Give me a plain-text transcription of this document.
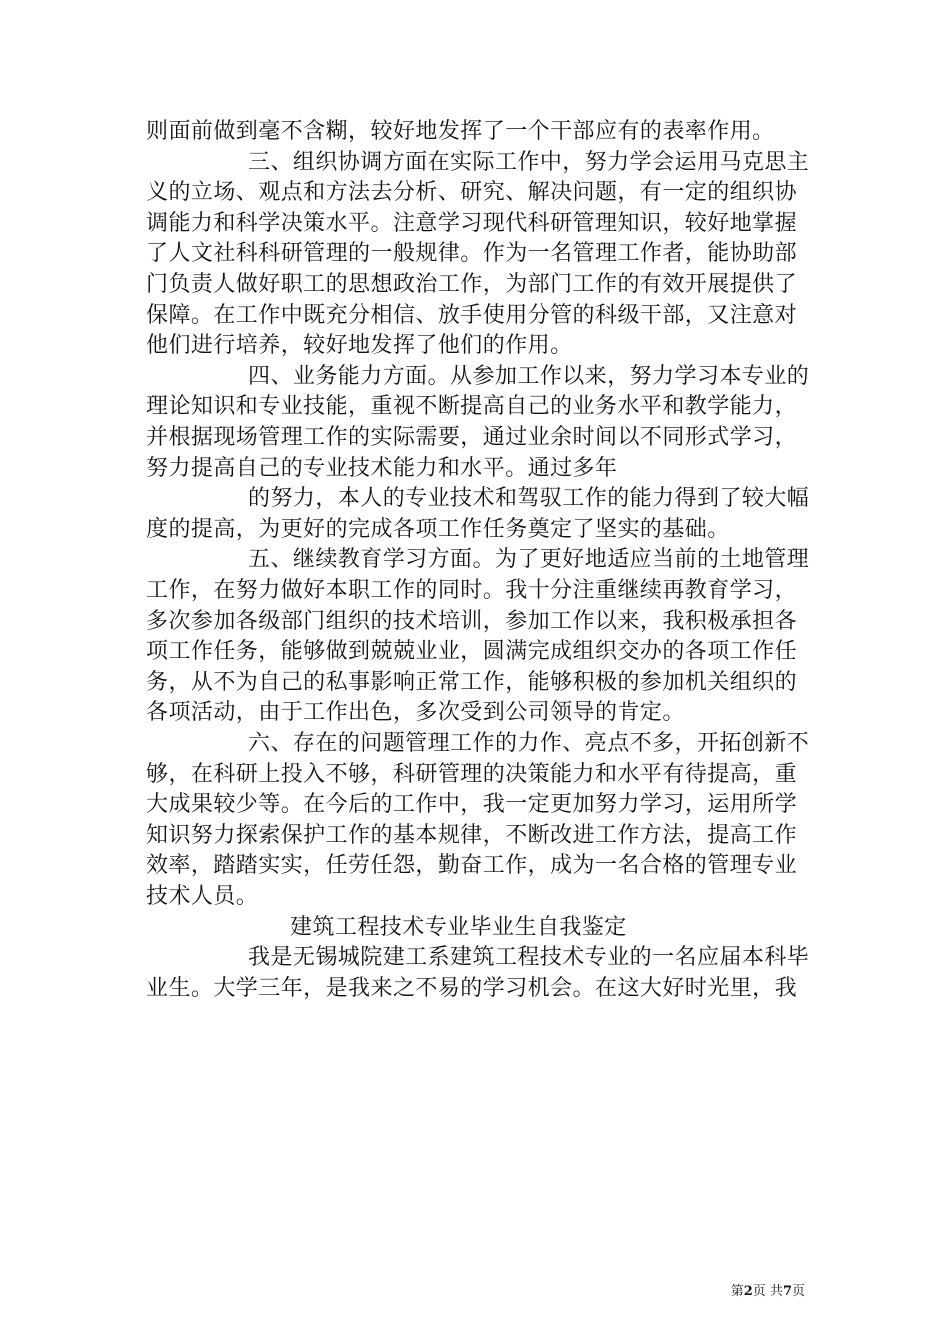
则面前做到毫不含糊，较好地发挥了一个干部应有的表率作用。
三、组织协调方面在实际工作中，努力学会运用马克思主
义的立场、观点和方法去分析、研究、解决问题，有一定的组织协
调能力和科学决策水平。注意学习现代科研管理知识，较好地掌握
了人文社科科研管理的一般规律。作为一名管理工作者，能协助部
门负责人做好职工的思想政治工作，为部门工作的有效开展提供了
保障。在工作中既充分相信、放手使用分管的科级干部，又注意对
他们进行培养，较好地发挥了他们的作用。
四、业务能力方面。从参加工作以来，努力学习本专业的
理论知识和专业技能，重视不断提高自己的业务水平和教学能力，
并根据现场管理工作的实际需要，通过业余时间以不同形式学习，
努力提高自己的专业技术能力和水平。通过多年
的努力，本人的专业技术和驾驭工作的能力得到了较大幅
度的提高，为更好的完成各项工作任务奠定了坚实的基础。
五、继续教育学习方面。为了更好地适应当前的土地管理
工作，在努力做好本职工作的同时。我十分注重继续再教育学习，
多次参加各级部门组织的技术培训，参加工作以来，我积极承担各
项工作任务，能够做到兢兢业业，圆满完成组织交办的各项工作任
务，从不为自己的私事影响正常工作，能够积极的参加机关组织的
各项活动，由于工作出色，多次受到公司领导的肯定。
六、存在的问题管理工作的力作、亮点不多，开拓创新不
够，在科研上投入不够，科研管理的决策能力和水平有待提高，重
大成果较少等。在今后的工作中，我一定更加努力学习，运用所学
知识努力探索保护工作的基本规律，不断改进工作方法，提高工作
效率，踏踏实实，任劳任怨，勤奋工作，成为一名合格的管理专业
技术人员。
建筑工程技术专业毕业生自我鉴定
我是无锡城院建工系建筑工程技术专业的一名应届本科毕
业生。大学三年，是我来之不易的学习机会。在这大好时光里，我
第2页 共7页
